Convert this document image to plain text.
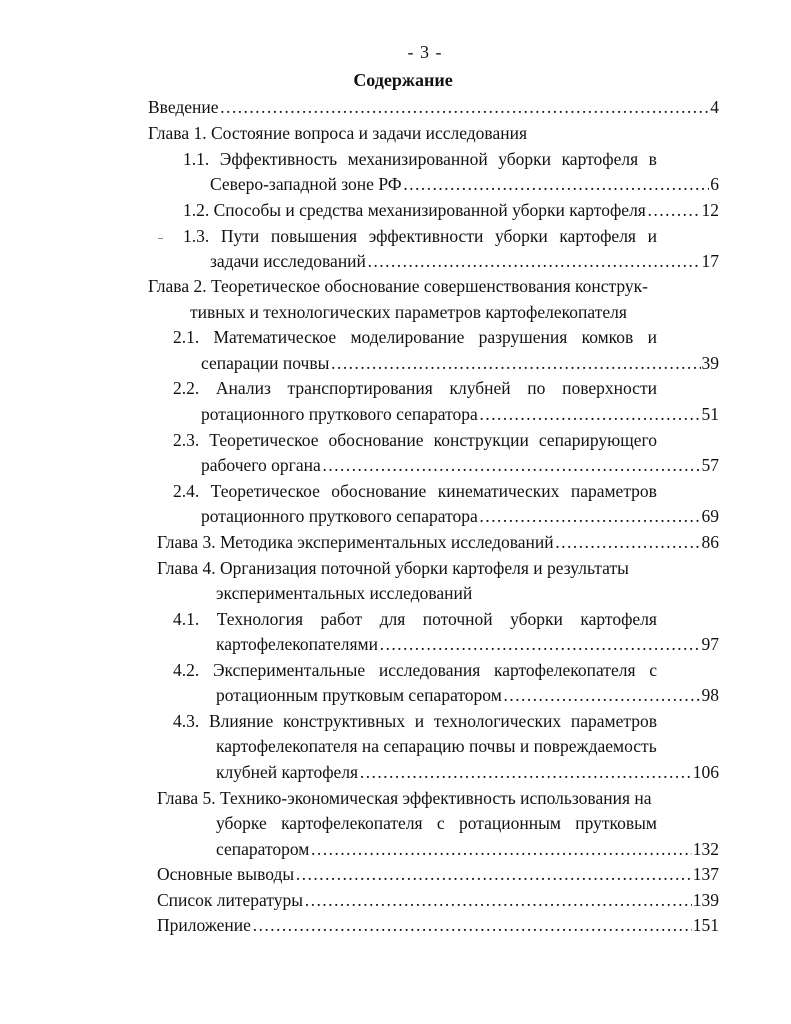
- 3 -
Содержание
Введение ……………………………………………………………………………………………………………………………………………………………………	4
Глава 1. Состояние вопроса и задачи исследования
1.1. Эффективность механизированной уборки картофеля в
Северо-западной зоне РФ ……………………………………………………………………………………………………………………………………………………………………	6
1.2. Способы и средства механизированной уборки картофеля ……………………………………………………………………………………………………………………………………………………………………	12
1.3. Пути повышения эффективности уборки картофеля и
задачи исследований ……………………………………………………………………………………………………………………………………………………………………	17
Глава 2. Теоретическое обоснование совершенствования конструк-
тивных и технологических параметров картофелекопателя
2.1. Математическое моделирование разрушения комков и
сепарации почвы ……………………………………………………………………………………………………………………………………………………………………	39
2.2. Анализ транспортирования клубней по поверхности
ротационного пруткового сепаратора ……………………………………………………………………………………………………………………………………………………………………	51
2.3. Теоретическое обоснование конструкции сепарирующего
рабочего органа ……………………………………………………………………………………………………………………………………………………………………	57
2.4. Теоретическое обоснование кинематических параметров
ротационного пруткового сепаратора ……………………………………………………………………………………………………………………………………………………………………	69
Глава 3. Методика экспериментальных исследований ……………………………………………………………………………………………………………………………………………………………………	86
Глава 4. Организация поточной уборки картофеля и результаты
экспериментальных исследований
4.1. Технология работ для поточной уборки картофеля
картофелекопателями ……………………………………………………………………………………………………………………………………………………………………	97
4.2. Экспериментальные исследования картофелекопателя с
ротационным прутковым сепаратором ……………………………………………………………………………………………………………………………………………………………………	98
4.3. Влияние конструктивных и технологических параметров
картофелекопателя на сепарацию почвы и повреждаемость
клубней картофеля ……………………………………………………………………………………………………………………………………………………………………	106
Глава 5. Технико-экономическая эффективность использования на
уборке картофелекопателя с ротационным прутковым
сепаратором ……………………………………………………………………………………………………………………………………………………………………	132
Основные выводы ……………………………………………………………………………………………………………………………………………………………………	137
Список литературы ……………………………………………………………………………………………………………………………………………………………………	139
Приложение ……………………………………………………………………………………………………………………………………………………………………	151
